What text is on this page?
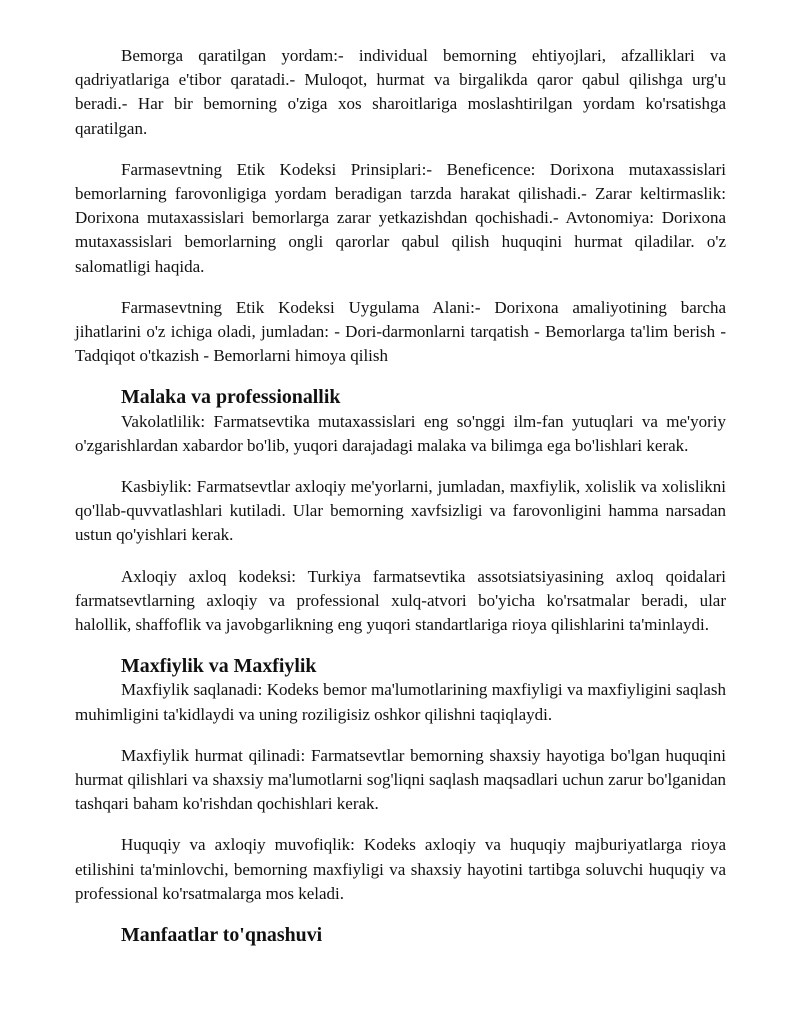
Bemorga qaratilgan yordam:- individual bemorning ehtiyojlari, afzalliklari va qadriyatlariga e'tibor qaratadi.- Muloqot, hurmat va birgalikda qaror qabul qilishga urg'u beradi.- Har bir bemorning o'ziga xos sharoitlariga moslashtirilgan yordam ko'rsatishga qaratilgan.

Farmasevtning Etik Kodeksi Prinsiplari:- Beneficence: Dorixona mutaxassislari bemorlarning farovonligiga yordam beradigan tarzda harakat qilishadi.- Zarar keltirmaslik: Dorixona mutaxassislari bemorlarga zarar yetkazishdan qochishadi.- Avtonomiya: Dorixona mutaxassislari bemorlarning ongli qarorlar qabul qilish huquqini hurmat qiladilar. o'z salomatligi haqida.

Farmasevtning Etik Kodeksi Uygulama Alani:- Dorixona amaliyotining barcha jihatlarini o'z ichiga oladi, jumladan: - Dori-darmonlarni tarqatish - Bemorlarga ta'lim berish - Tadqiqot o'tkazish - Bemorlarni himoya qilish

Malaka va professionallik

Vakolatlilik: Farmatsevtika mutaxassislari eng so'nggi ilm-fan yutuqlari va me'yoriy o'zgarishlardan xabardor bo'lib, yuqori darajadagi malaka va bilimga ega bo'lishlari kerak.

Kasbiylik: Farmatsevtlar axloqiy me'yorlarni, jumladan, maxfiylik, xolislik va xolislikni qo'llab-quvvatlashlari kutiladi. Ular bemorning xavfsizligi va farovonligini hamma narsadan ustun qo'yishlari kerak.

Axloqiy axloq kodeksi: Turkiya farmatsevtika assotsiatsiyasining axloq qoidalari farmatsevtlarning axloqiy va professional xulq-atvori bo'yicha ko'rsatmalar beradi, ular halollik, shaffoflik va javobgarlikning eng yuqori standartlariga rioya qilishlarini ta'minlaydi.

Maxfiylik va Maxfiylik

Maxfiylik saqlanadi: Kodeks bemor ma'lumotlarining maxfiyligi va maxfiyligini saqlash muhimligini ta'kidlaydi va uning roziligisiz oshkor qilishni taqiqlaydi.

Maxfiylik hurmat qilinadi: Farmatsevtlar bemorning shaxsiy hayotiga bo'lgan huquqini hurmat qilishlari va shaxsiy ma'lumotlarni sog'liqni saqlash maqsadlari uchun zarur bo'lganidan tashqari baham ko'rishdan qochishlari kerak.

Huquqiy va axloqiy muvofiqlik: Kodeks axloqiy va huquqiy majburiyatlarga rioya etilishini ta'minlovchi, bemorning maxfiyligi va shaxsiy hayotini tartibga soluvchi huquqiy va professional ko'rsatmalarga mos keladi.

Manfaatlar to'qnashuvi
